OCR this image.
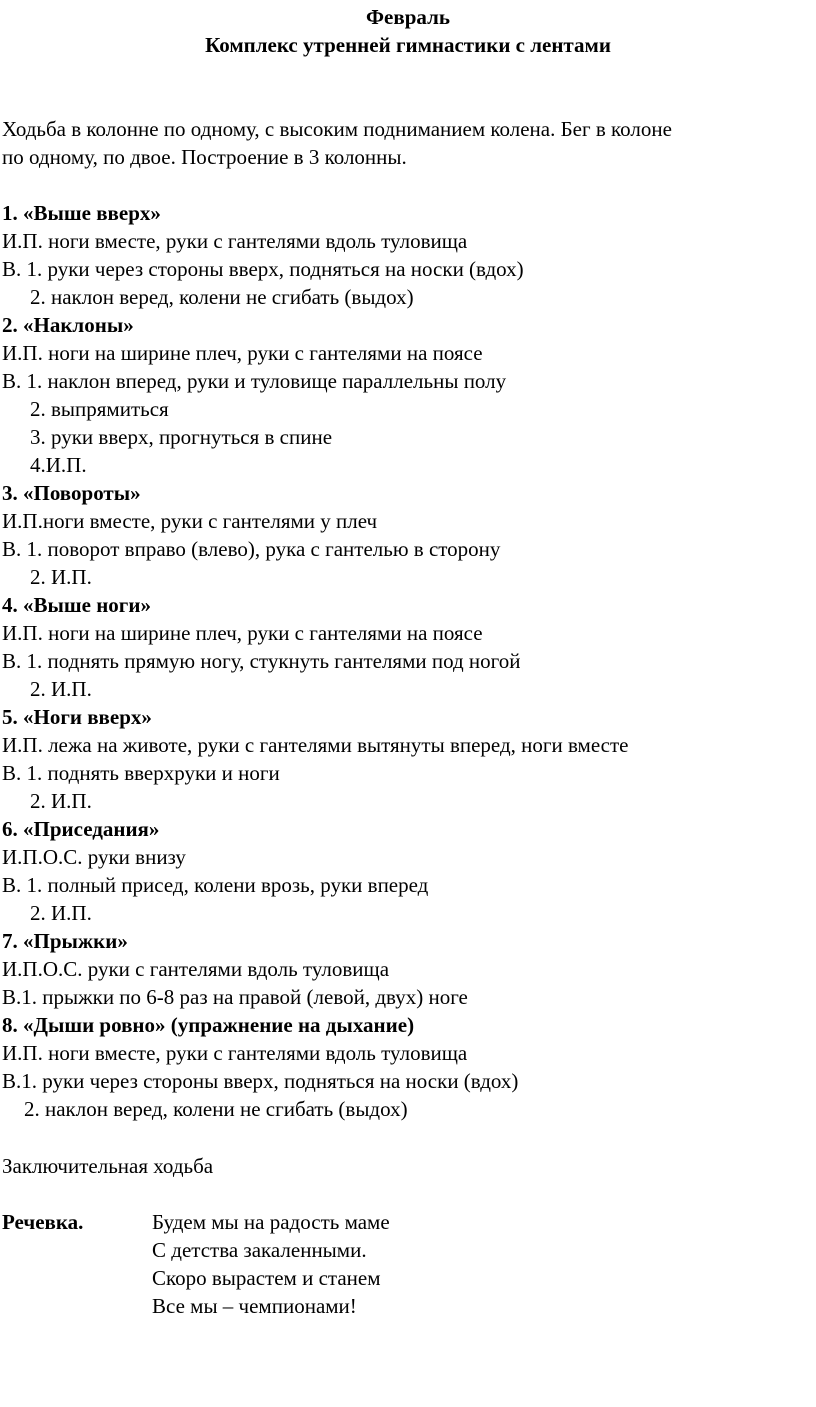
Февраль
Комплекс утренней гимнастики с лентами
Ходьба в колонне по одному, с высоким подниманием колена. Бег в колоне
по одному, по двое. Построение в 3 колонны.
1. «Выше вверх»
И.П. ноги вместе, руки с гантелями вдоль туловища
В. 1. руки через стороны вверх, подняться на носки (вдох)
2. наклон веред, колени не сгибать (выдох)
2. «Наклоны»
И.П. ноги на ширине плеч, руки с гантелями на поясе
В. 1. наклон вперед, руки и туловище параллельны полу
2. выпрямиться
3. руки вверх, прогнуться в спине
4.И.П.
3. «Повороты»
И.П.ноги вместе, руки с гантелями у плеч
В. 1. поворот вправо (влево), рука с гантелью в сторону
2. И.П.
4. «Выше ноги»
И.П. ноги на ширине плеч, руки с гантелями на поясе
В. 1. поднять прямую ногу, стукнуть гантелями под ногой
2. И.П.
5. «Ноги вверх»
И.П. лежа на животе, руки с гантелями вытянуты вперед, ноги вместе
В. 1. поднять вверхруки и ноги
2. И.П.
6. «Приседания»
И.П.О.С. руки внизу
В. 1. полный присед, колени врозь, руки вперед
2. И.П.
7. «Прыжки»
И.П.О.С. руки с гантелями вдоль туловища
В.1. прыжки по 6-8 раз на правой (левой, двух) ноге
8. «Дыши ровно» (упражнение на дыхание)
И.П. ноги вместе, руки с гантелями вдоль туловища
В.1. руки через стороны вверх, подняться на носки (вдох)
2. наклон веред, колени не сгибать (выдох)
Заключительная ходьба
Речевка.	Будем мы на радость маме
С детства закаленными.
Скоро вырастем и станем
Все мы – чемпионами!
